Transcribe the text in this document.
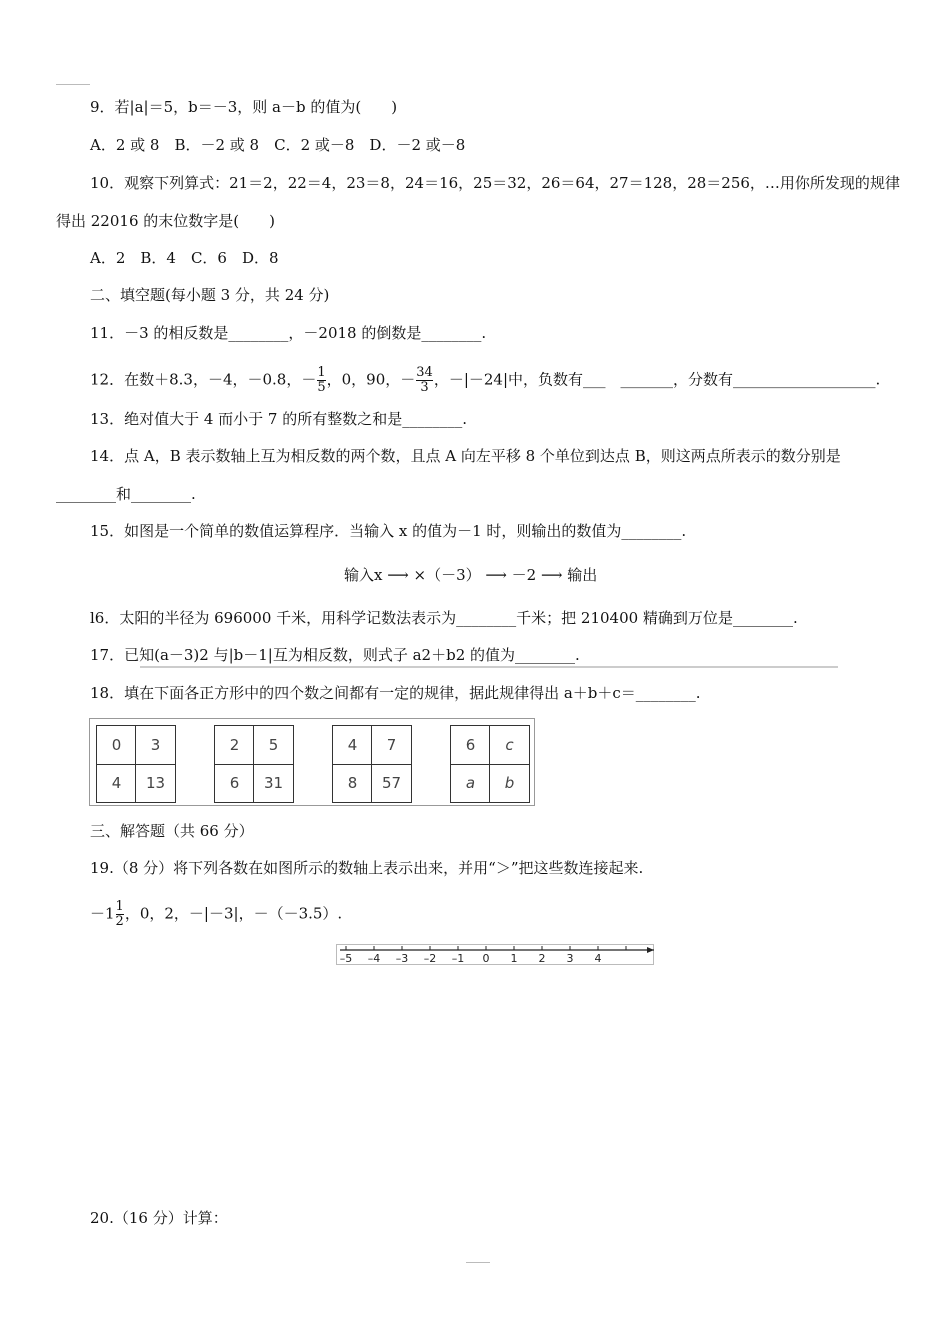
9．若|a|＝5，b＝－3，则 a－b 的值为(　　)
A．2 或 8　B．－2 或 8　C．2 或－8　D．－2 或－8
10．观察下列算式：21＝2，22＝4，23＝8，24＝16，25＝32，26＝64，27＝128，28＝256，…用你所发现的规律
得出 22016 的末位数字是(　　)
A．2　B．4　C．6　D．8
二、填空题(每小题 3 分，共 24 分)
11．－3 的相反数是________，－2018 的倒数是________.
12．在数＋8.3，－4，－0.8，－ $\frac{1}{5}$ ，0，90，－ $\frac{34}{3}$ ，－|－24|中，负数有___　_______，分数有___________________.
13．绝对值大于 4 而小于 7 的所有整数之和是________.
14．点 A，B 表示数轴上互为相反数的两个数，且点 A 向左平移 8 个单位到达点 B，则这两点所表示的数分别是
________和________.
15．如图是一个简单的数值运算程序．当输入 x 的值为－1 时，则输出的数值为________.
输入x ⟶ ×（－3） ⟶ －2 ⟶ 输出
l6．太阳的半径为 696000 千米，用科学记数法表示为________千米；把 210400 精确到万位是________.
17．已知(a－3)2 与|b－1|互为相反数，则式子 a2＋b2 的值为________.
18．填在下面各正方形中的四个数之间都有一定的规律，据此规律得出 a＋b＋c＝________.
0	3
4	13
2	5
6	31
4	7
8	57
6	c
a	b
三、解答题（共 66 分）
19.（8 分）将下列各数在如图所示的数轴上表示出来，并用“＞”把这些数连接起来.
$-1 \frac{1}{2}$ ，0，2，－|－3|，－（－3.5）.
–5 –4 –3 –2 –1 0 1 2 3 4
20.（16 分）计算：
